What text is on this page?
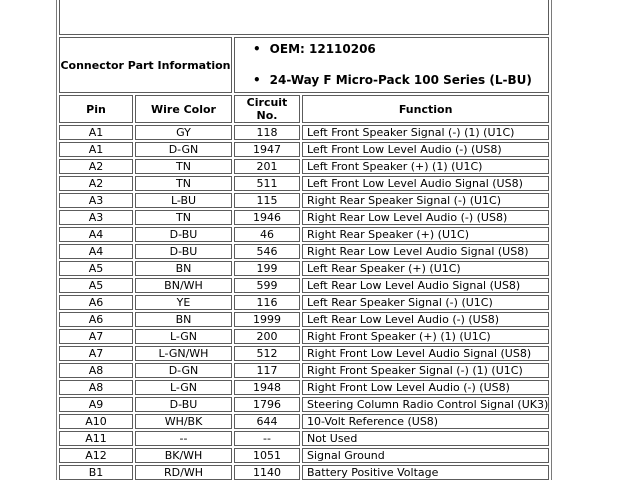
Connector Part Information		• OEM: 12110206
• 24-Way F Micro-Pack 100 Series (L-BU)	

Pin	Wire Color	Circuit No.	Function
A1	GY	118	Left Front Speaker Signal (-) (1) (U1C)
A1	D-GN	1947	Left Front Low Level Audio (-) (US8)
A2	TN	201	Left Front Speaker (+) (1) (U1C)
A2	TN	511	Left Front Low Level Audio Signal (US8)
A3	L-BU	115	Right Rear Speaker Signal (-) (U1C)
A3	TN	1946	Right Rear Low Level Audio (-) (US8)
A4	D-BU	46	Right Rear Speaker (+) (U1C)
A4	D-BU	546	Right Rear Low Level Audio Signal (US8)
A5	BN	199	Left Rear Speaker (+) (U1C)
A5	BN/WH	599	Left Rear Low Level Audio Signal (US8)
A6	YE	116	Left Rear Speaker Signal (-) (U1C)
A6	BN	1999	Left Rear Low Level Audio (-) (US8)
A7	L-GN	200	Right Front Speaker (+) (1) (U1C)
A7	L-GN/WH	512	Right Front Low Level Audio Signal (US8)
A8	D-GN	117	Right Front Speaker Signal (-) (1) (U1C)
A8	L-GN	1948	Right Front Low Level Audio (-) (US8)
A9	D-BU	1796	Steering Column Radio Control Signal (UK3)
A10	WH/BK	644	10-Volt Reference (US8)
A11	--	--	Not Used
A12	BK/WH	1051	Signal Ground
B1	RD/WH	1140	Battery Positive Voltage
